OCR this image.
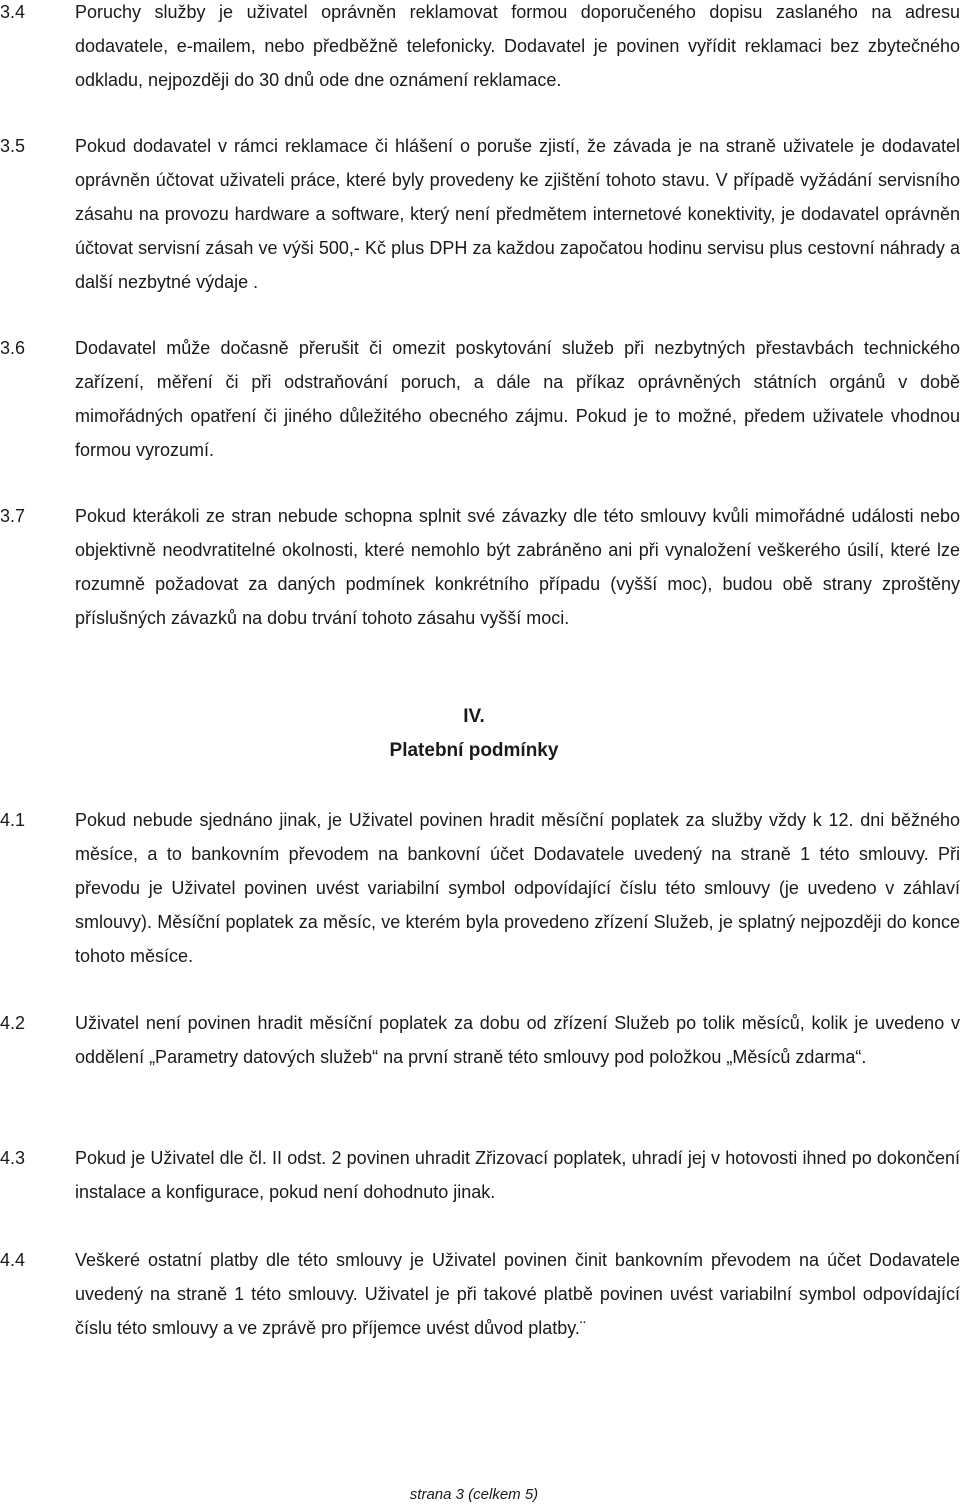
3.4	Poruchy služby je uživatel oprávněn reklamovat formou doporučeného dopisu zaslaného na adresu dodavatele, e-mailem, nebo předběžně telefonicky. Dodavatel je povinen vyřídit reklamaci bez zbytečného odkladu, nejpozději do 30 dnů ode dne oznámení reklamace.
3.5	Pokud dodavatel v rámci reklamace či hlášení o poruše zjistí, že závada je na straně uživatele je dodavatel oprávněn účtovat uživateli práce, které byly provedeny ke zjištění tohoto stavu. V případě vyžádání servisního zásahu na provozu hardware a software, který není předmětem internetové konektivity, je dodavatel oprávněn účtovat servisní zásah ve výši 500,- Kč plus DPH za každou započatou hodinu servisu plus cestovní náhrady a další nezbytné výdaje .
3.6	Dodavatel může dočasně přerušit či omezit poskytování služeb při nezbytných přestavbách technického zařízení, měření či při odstraňování poruch, a dále na příkaz oprávněných státních orgánů v době mimořádných opatření či jiného důležitého obecného zájmu. Pokud je to možné, předem uživatele vhodnou formou vyrozumí.
3.7	Pokud kterákoli ze stran nebude schopna splnit své závazky dle této smlouvy kvůli mimořádné události nebo objektivně neodvratitelné okolnosti, které nemohlo být zabráněno ani při vynaložení veškerého úsilí, které lze rozumně požadovat za daných podmínek konkrétního případu (vyšší moc), budou obě strany zproštěny příslušných závazků na dobu trvání tohoto zásahu vyšší moci.
IV.
Platební podmínky
4.1	Pokud nebude sjednáno jinak, je Uživatel povinen hradit měsíční poplatek za služby vždy k 12. dni běžného měsíce, a to bankovním převodem na bankovní účet Dodavatele uvedený na straně 1 této smlouvy. Při převodu je Uživatel povinen uvést variabilní symbol odpovídající číslu této smlouvy (je uvedeno v záhlaví smlouvy). Měsíční poplatek za měsíc, ve kterém byla provedeno zřízení Služeb, je splatný nejpozději do konce tohoto měsíce.
4.2	Uživatel není povinen hradit měsíční poplatek za dobu od zřízení Služeb po tolik měsíců, kolik je uvedeno v oddělení „Parametry datových služeb“ na první straně této smlouvy pod položkou „Měsíců zdarma“.
4.3	Pokud je Uživatel dle čl. II odst. 2 povinen uhradit Zřizovací poplatek, uhradí jej v hotovosti ihned po dokončení instalace a konfigurace, pokud není dohodnuto jinak.
4.4	Veškeré ostatní platby dle této smlouvy je Uživatel povinen činit bankovním převodem na účet Dodavatele uvedený na straně 1 této smlouvy. Uživatel je při takové platbě povinen uvést variabilní symbol odpovídající číslu této smlouvy a ve zprávě pro příjemce uvést důvod platby.¨
strana 3 (celkem 5)
